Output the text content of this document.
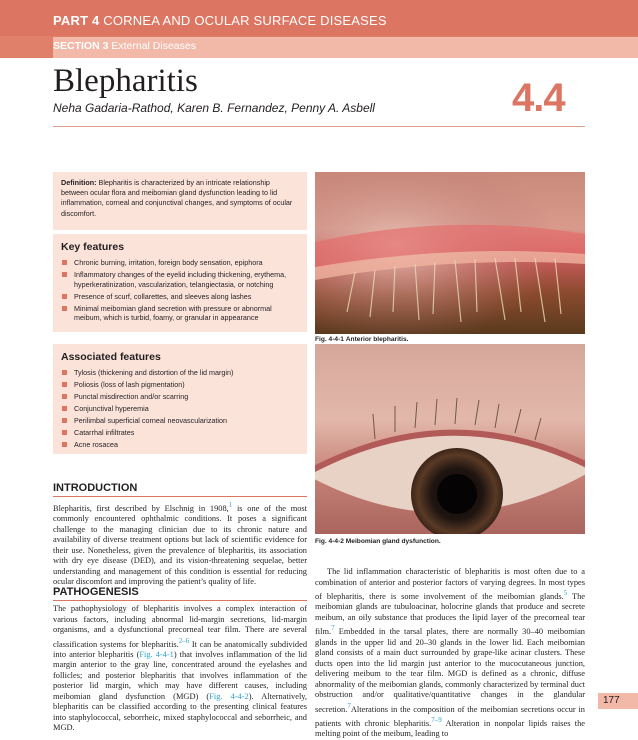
PART 4 CORNEA AND OCULAR SURFACE DISEASES
SECTION 3 External Diseases
Blepharitis
Neha Gadaria-Rathod, Karen B. Fernandez, Penny A. Asbell	4.4

Definition: Blepharitis is characterized by an intricate relationship between ocular flora and meibomian gland dysfunction leading to lid inflammation, corneal and conjunctival changes, and symptoms of ocular discomfort.

Key features
Chronic burning, irritation, foreign body sensation, epiphora
Inflammatory changes of the eyelid including thickening, erythema, hyperkeratinization, vascularization, telangiectasia, or notching
Presence of scurf, collarettes, and sleeves along lashes
Minimal meibomian gland secretion with pressure or abnormal meibum, which is turbid, foamy, or granular in appearance
Associated features
Tylosis (thickening and distortion of the lid margin)
Poliosis (loss of lash pigmentation)
Punctal misdirection and/or scarring
Conjunctival hyperemia
Perilimbal superficial corneal neovascularization
Catarrhal infiltrates
Acne rosacea
Fig. 4-4-1 Anterior blepharitis.
Fig. 4-4-2 Meibomian gland dysfunction.
INTRODUCTION

Blepharitis, first described by Elschnig in 1908,$^1$ is one of the most commonly encountered ophthalmic conditions. It poses a significant challenge to the managing clinician due to its chronic nature and availability of diverse treatment options but lack of scientific evidence for their use. Nonetheless, given the prevalence of blepharitis, its association with dry eye disease (DED), and its vision-threatening sequelae, better understanding and management of this condition is essential for reducing ocular discomfort and improving the patient’s quality of life.

PATHOGENESIS

The pathophysiology of blepharitis involves a complex interaction of various factors, including abnormal lid-margin secretions, lid-margin organisms, and a dysfunctional precorneal tear film. There are several classification systems for blepharitis.$^{2-6}$ It can be anatomically subdivided into anterior blepharitis (Fig. 4-4-1) that involves inflammation of the lid margin anterior to the gray line, concentrated around the eyelashes and follicles; and posterior blepharitis that involves inflammation of the posterior lid margin, which may have different causes, including meibomian gland dysfunction (MGD) (Fig. 4-4-2). Alternatively, blepharitis can be classified according to the presenting clinical features into staphylococcal, seborrheic, mixed staphylococcal and seborrheic, and MGD.

The lid inflammation characteristic of blepharitis is most often due to a combination of anterior and posterior factors of varying degrees. In most types of blepharitis, there is some involvement of the meibomian glands.$^5$ The meibomian glands are tubuloacinar, holocrine glands that produce and secrete meibum, an oily substance that produces the lipid layer of the precorneal tear film.$^7$ Embedded in the tarsal plates, there are normally 30–40 meibomian glands in the upper lid and 20–30 glands in the lower lid. Each meibomian gland consists of a main duct surrounded by grape-like acinar clusters. These ducts open into the lid margin just anterior to the mucocutaneous junction, delivering meibum to the tear film. MGD is defined as a chronic, diffuse abnormality of the meibomian glands, commonly characterized by terminal duct obstruction and/or qualitative/quantitative changes in the glandular secretion.$^7$Alterations in the composition of the meibomian secretions occur in patients with chronic blepharitis.$^{7-9}$ Alteration in nonpolar lipids raises the melting point of the meibum, leading to

177
